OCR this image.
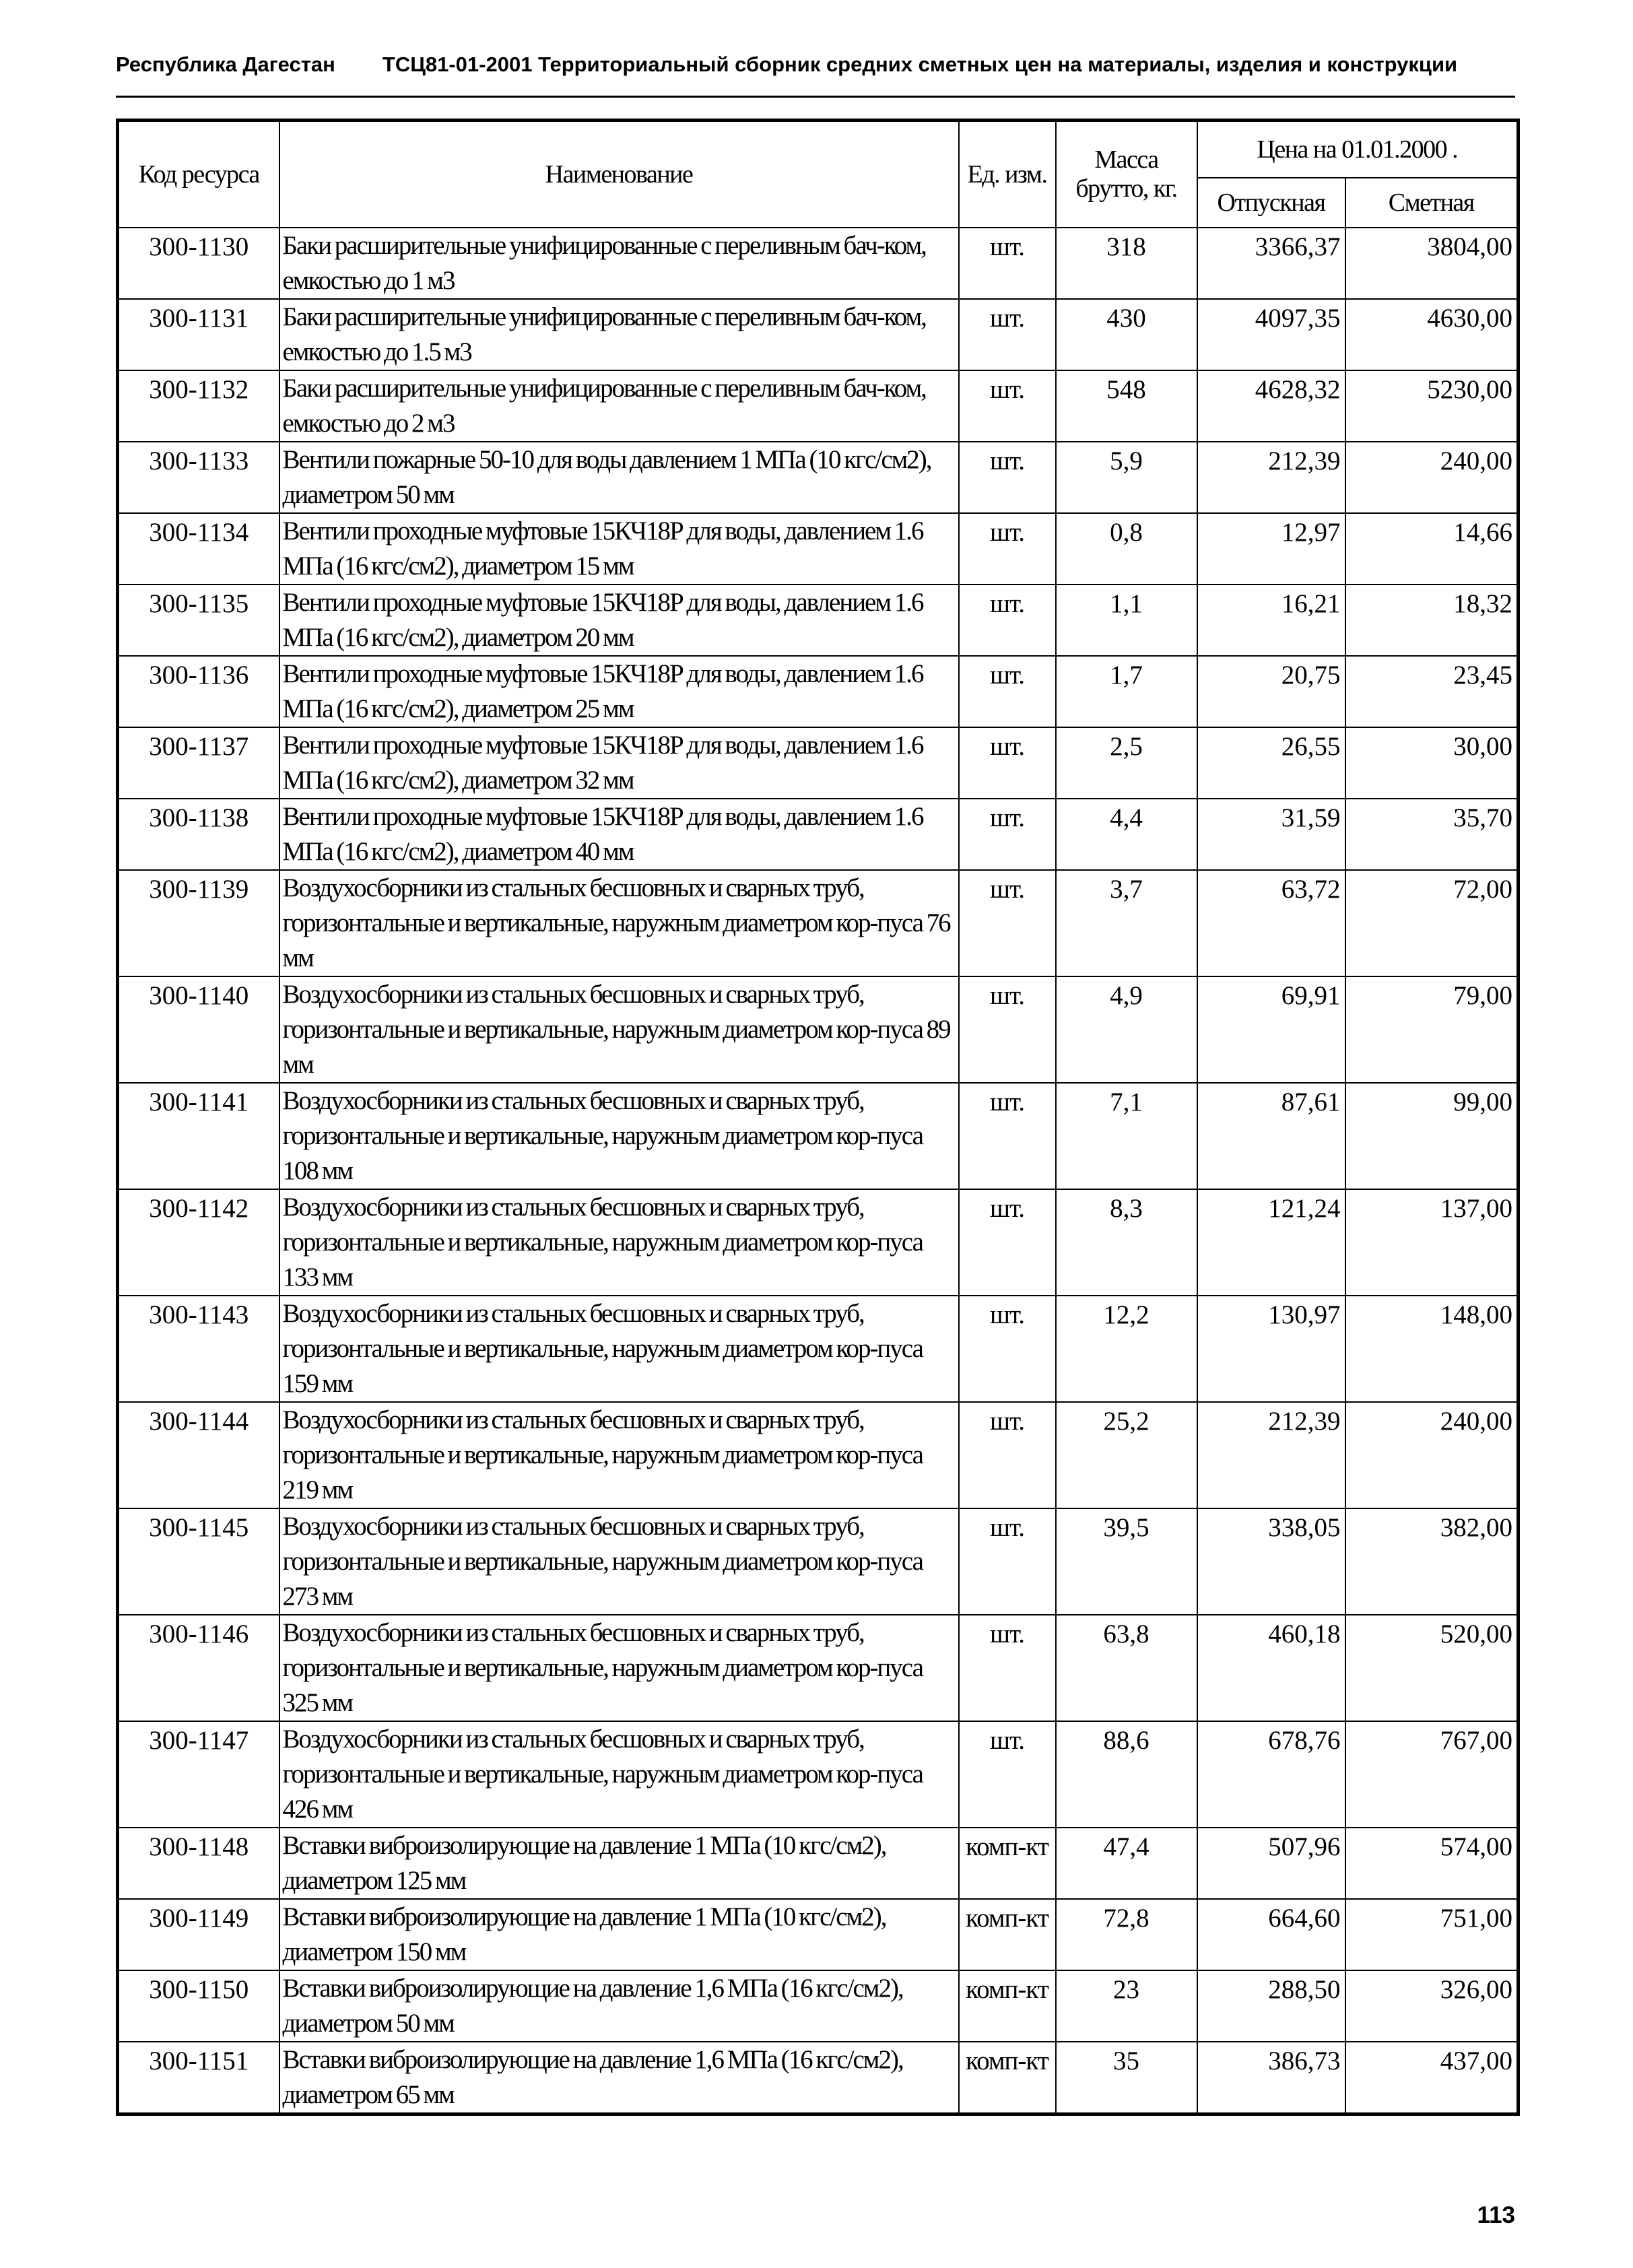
Республика Дагестан ТСЦ81-01-2001 Территориальный сборник средних сметных цен на материалы, изделия и конструкции
Код ресурса	Наименование	Ед. изм.	Масса брутто, кг.	Цена на 01.01.2000 .	
				Отпускная	Сметная
300-1130	Баки расширительные унифицированные с переливным бач-ком, емкостью до 1 м3	шт.	318	3366,37	3804,00
300-1131	Баки расширительные унифицированные с переливным бач-ком, емкостью до 1.5 м3	шт.	430	4097,35	4630,00
300-1132	Баки расширительные унифицированные с переливным бач-ком, емкостью до 2 м3	шт.	548	4628,32	5230,00
300-1133	Вентили пожарные 50-10 для воды давлением 1 МПа (10 кгс/см2), диаметром 50 мм	шт.	5,9	212,39	240,00
300-1134	Вентили проходные муфтовые 15КЧ18Р для воды, давлением 1.6 МПа (16 кгс/см2), диаметром 15 мм	шт.	0,8	12,97	14,66
300-1135	Вентили проходные муфтовые 15КЧ18Р для воды, давлением 1.6 МПа (16 кгс/см2), диаметром 20 мм	шт.	1,1	16,21	18,32
300-1136	Вентили проходные муфтовые 15КЧ18Р для воды, давлением 1.6 МПа (16 кгс/см2), диаметром 25 мм	шт.	1,7	20,75	23,45
300-1137	Вентили проходные муфтовые 15КЧ18Р для воды, давлением 1.6 МПа (16 кгс/см2), диаметром 32 мм	шт.	2,5	26,55	30,00
300-1138	Вентили проходные муфтовые 15КЧ18Р для воды, давлением 1.6 МПа (16 кгс/см2), диаметром 40 мм	шт.	4,4	31,59	35,70
300-1139	Воздухосборники из стальных бесшовных и сварных труб, горизонтальные и вертикальные, наружным диаметром кор-пуса 76 мм	шт.	3,7	63,72	72,00
300-1140	Воздухосборники из стальных бесшовных и сварных труб, горизонтальные и вертикальные, наружным диаметром кор-пуса 89 мм	шт.	4,9	69,91	79,00
300-1141	Воздухосборники из стальных бесшовных и сварных труб, горизонтальные и вертикальные, наружным диаметром кор-пуса 108 мм	шт.	7,1	87,61	99,00
300-1142	Воздухосборники из стальных бесшовных и сварных труб, горизонтальные и вертикальные, наружным диаметром кор-пуса 133 мм	шт.	8,3	121,24	137,00
300-1143	Воздухосборники из стальных бесшовных и сварных труб, горизонтальные и вертикальные, наружным диаметром кор-пуса 159 мм	шт.	12,2	130,97	148,00
300-1144	Воздухосборники из стальных бесшовных и сварных труб, горизонтальные и вертикальные, наружным диаметром кор-пуса 219 мм	шт.	25,2	212,39	240,00
300-1145	Воздухосборники из стальных бесшовных и сварных труб, горизонтальные и вертикальные, наружным диаметром кор-пуса 273 мм	шт.	39,5	338,05	382,00
300-1146	Воздухосборники из стальных бесшовных и сварных труб, горизонтальные и вертикальные, наружным диаметром кор-пуса 325 мм	шт.	63,8	460,18	520,00
300-1147	Воздухосборники из стальных бесшовных и сварных труб, горизонтальные и вертикальные, наружным диаметром кор-пуса 426 мм	шт.	88,6	678,76	767,00
300-1148	Вставки виброизолирующие на давление 1 МПа (10 кгс/см2), диаметром 125 мм	комп-кт	47,4	507,96	574,00
300-1149	Вставки виброизолирующие на давление 1 МПа (10 кгс/см2), диаметром 150 мм	комп-кт	72,8	664,60	751,00
300-1150	Вставки виброизолирующие на давление 1,6 МПа (16 кгс/см2), диаметром 50 мм	комп-кт	23	288,50	326,00
300-1151	Вставки виброизолирующие на давление 1,6 МПа (16 кгс/см2), диаметром 65 мм	комп-кт	35	386,73	437,00
113
